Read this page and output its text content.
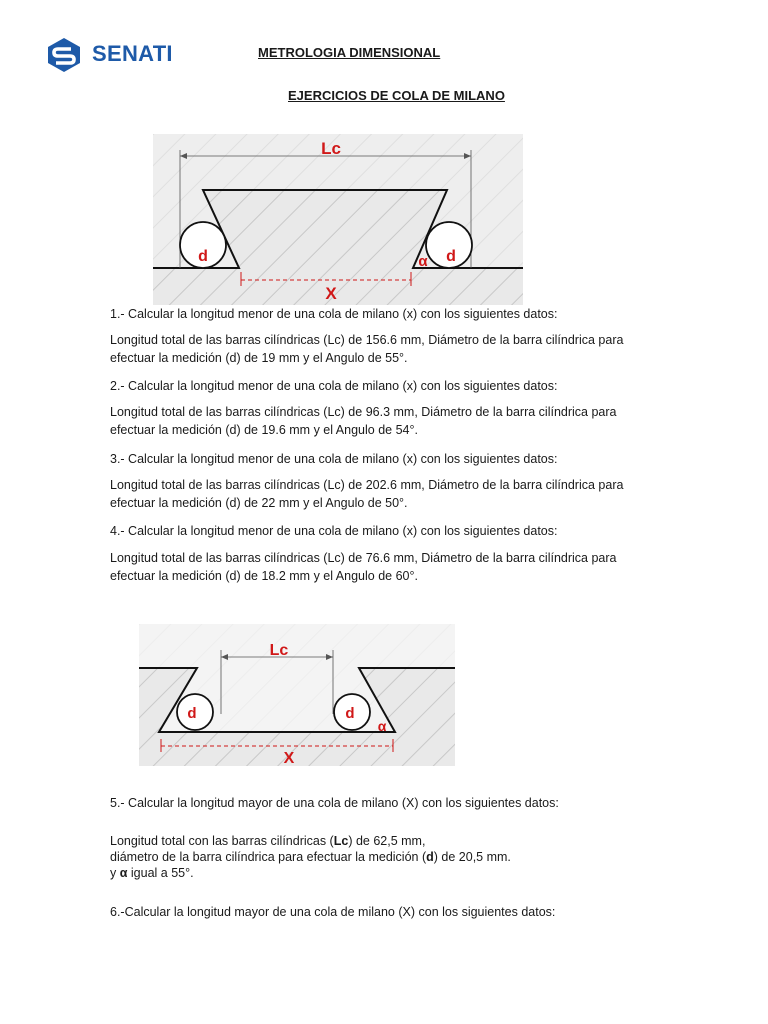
SENATI	METROLOGIA DIMENSIONAL
EJERCICIOS DE COLA DE MILANO
Lc
d	d
α
X
1.- Calcular la longitud menor de una cola de milano (x) con los siguientes datos:
Longitud total de las barras cilíndricas (Lc) de 156.6 mm, Diámetro de la barra cilíndrica para
efectuar la medición (d) de 19 mm y el Angulo de 55°.
2.- Calcular la longitud menor de una cola de milano (x) con los siguientes datos:
Longitud total de las barras cilíndricas (Lc) de 96.3 mm, Diámetro de la barra cilíndrica para
efectuar la medición (d) de 19.6 mm y el Angulo de 54°.
3.- Calcular la longitud menor de una cola de milano (x) con los siguientes datos:
Longitud total de las barras cilíndricas (Lc) de 202.6 mm, Diámetro de la barra cilíndrica para
efectuar la medición (d) de 22 mm y el Angulo de 50°.
4.- Calcular la longitud menor de una cola de milano (x) con los siguientes datos:
Longitud total de las barras cilíndricas (Lc) de 76.6 mm, Diámetro de la barra cilíndrica para
efectuar la medición (d) de 18.2 mm y el Angulo de 60°.
Lc
d	d
α
X
5.- Calcular la longitud mayor de una cola de milano (X) con los siguientes datos:
Longitud total con las barras cilíndricas (Lc) de 62,5 mm,
diámetro de la barra cilíndrica para efectuar la medición (d) de 20,5 mm.
y α igual a 55°.
6.-Calcular la longitud mayor de una cola de milano (X) con los siguientes datos:
